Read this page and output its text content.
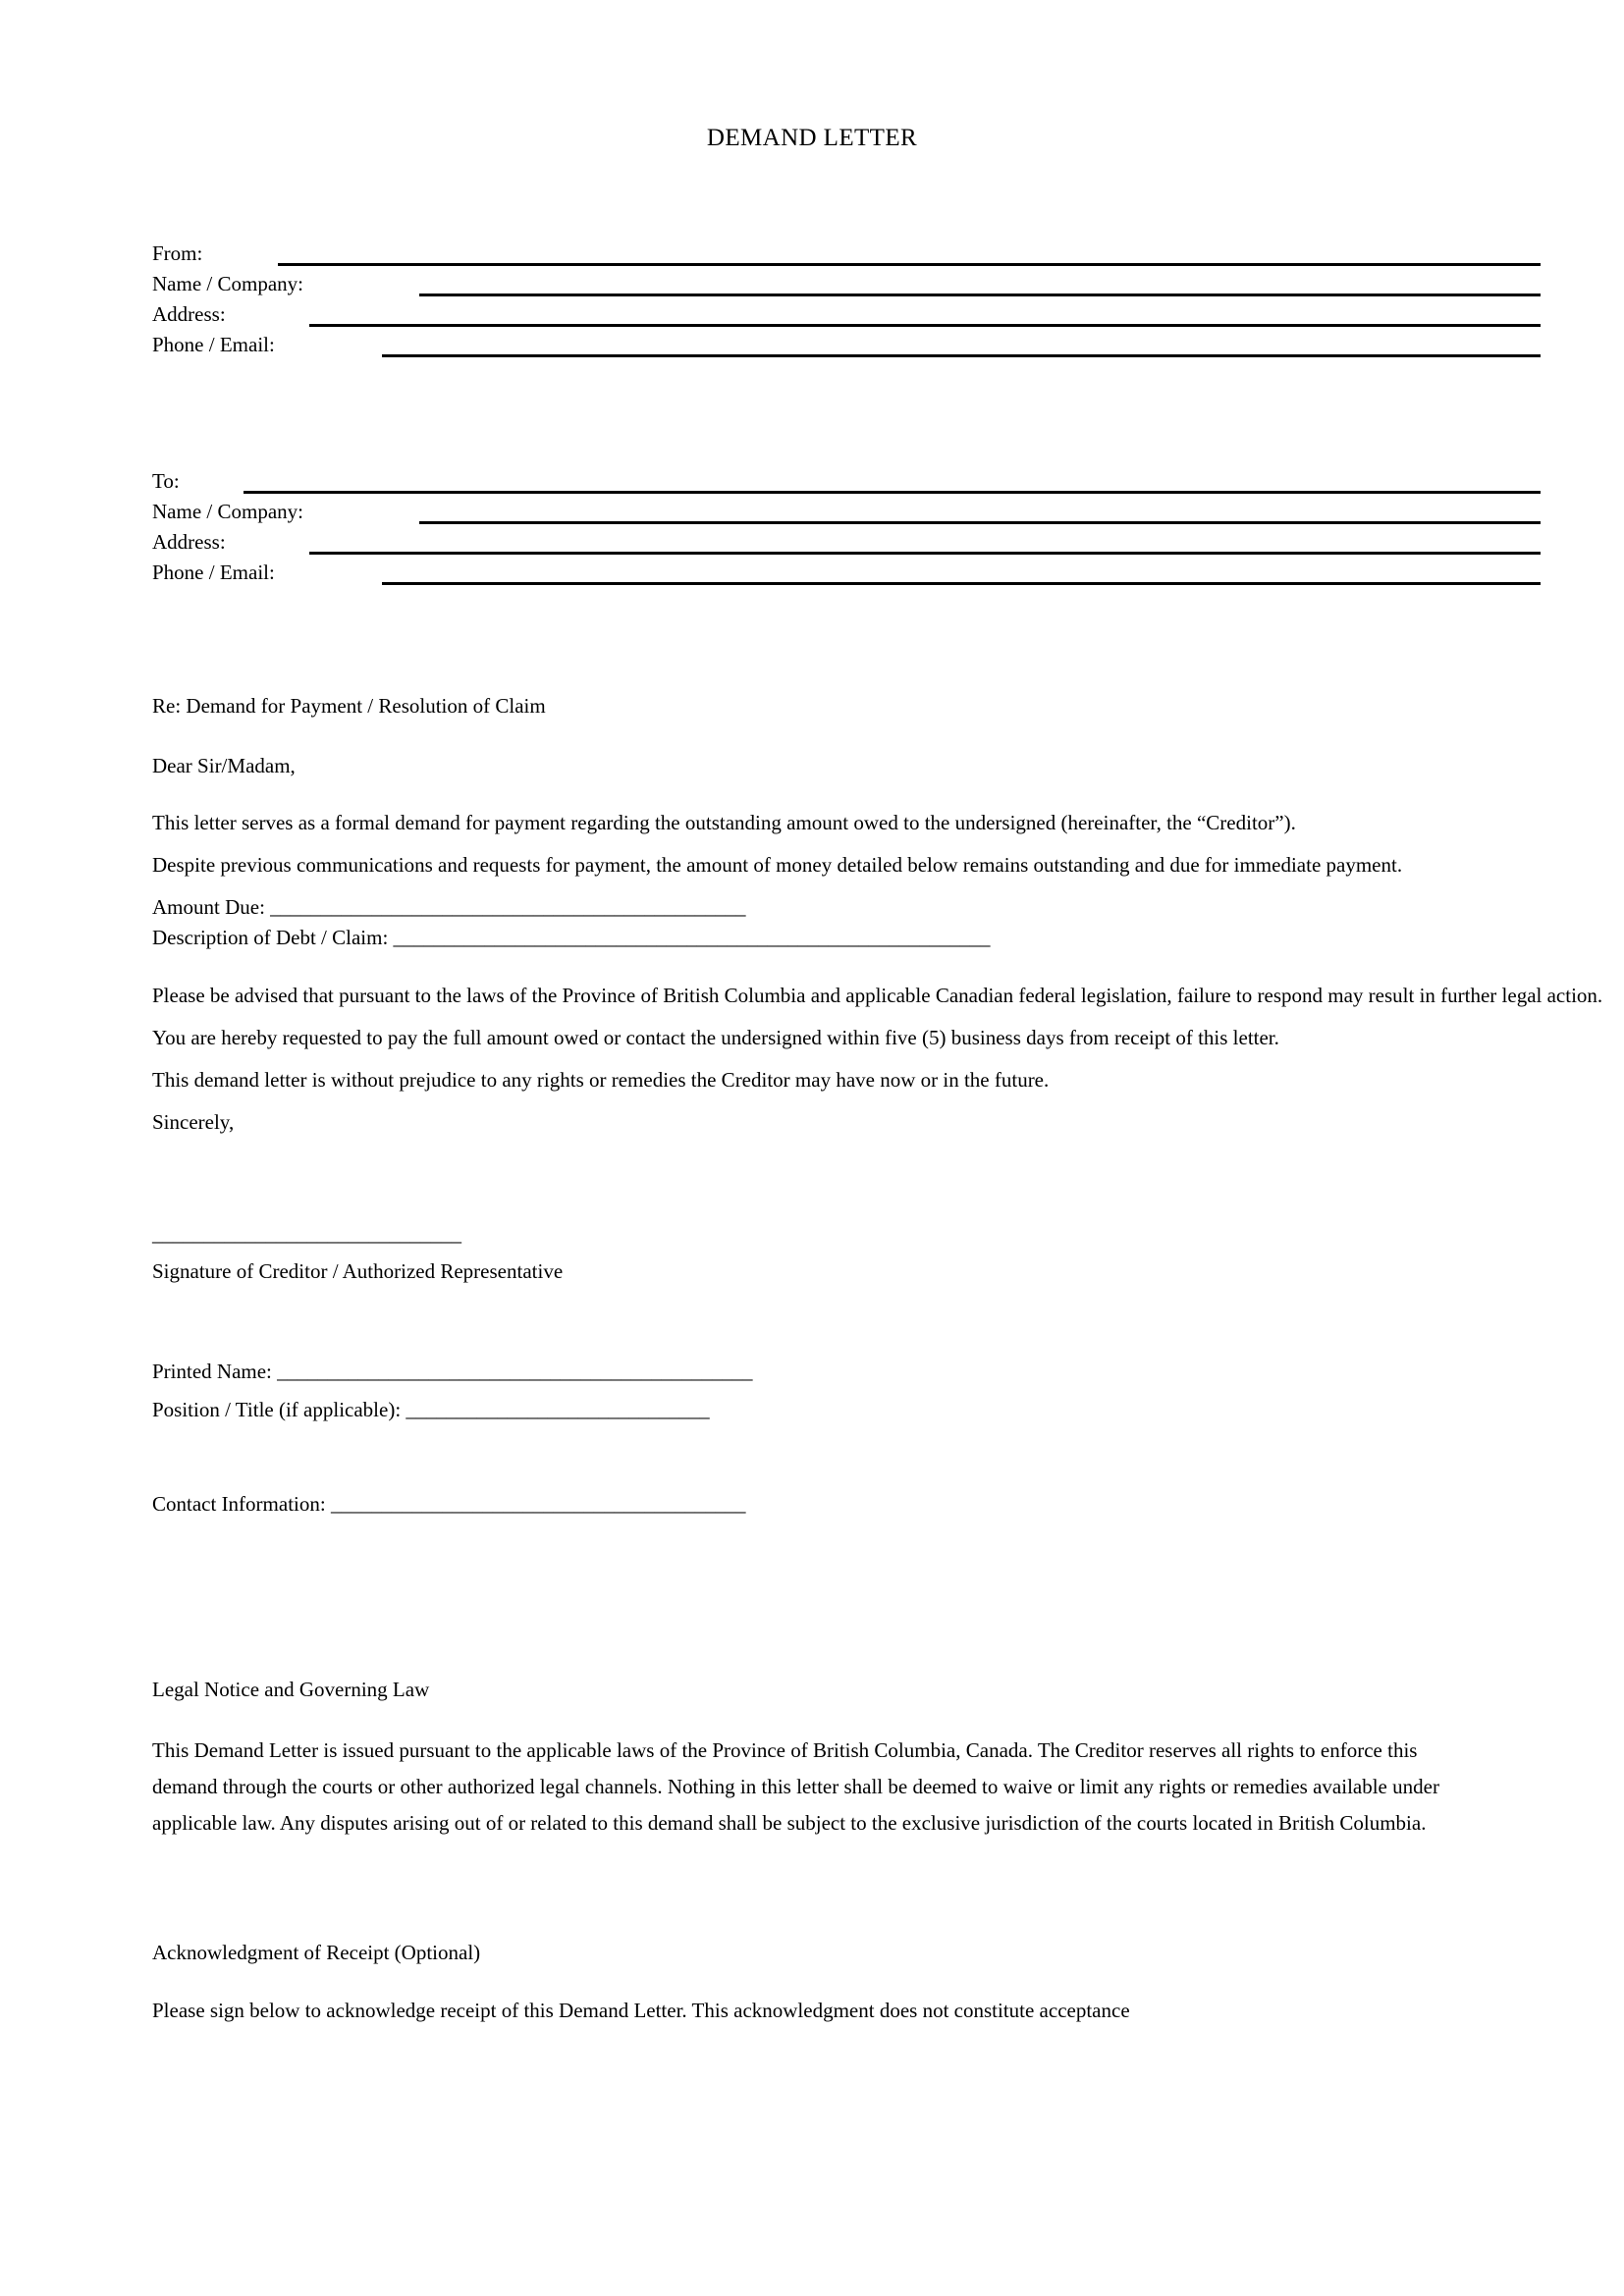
DEMAND LETTER
From:
Name / Company:
Address:
Phone / Email:
To:
Name / Company:
Address:
Phone / Email:
Re: Demand for Payment / Resolution of Claim
Dear Sir/Madam,
This letter serves as a formal demand for payment regarding the outstanding amount owed to the undersigned (hereinafter, the “Creditor”).
Despite previous communications and requests for payment, the amount of money detailed below remains outstanding and due for immediate payment.
Amount Due: _______________________________________________
Description of Debt / Claim: ___________________________________________________________
Please be advised that pursuant to the laws of the Province of British Columbia and applicable Canadian federal legislation, failure to respond may result in further legal action.
You are hereby requested to pay the full amount owed or contact the undersigned within five (5) business days from receipt of this letter.
This demand letter is without prejudice to any rights or remedies the Creditor may have now or in the future.
Sincerely,
______________________________
Signature of Creditor / Authorized Representative
Printed Name: _______________________________________________
Position / Title (if applicable): ______________________________
Contact Information: _________________________________________
Legal Notice and Governing Law
This Demand Letter is issued pursuant to the applicable laws of the Province of British Columbia, Canada. The Creditor reserves all rights to enforce this demand through the courts or other authorized legal channels. Nothing in this letter shall be deemed to waive or limit any rights or remedies available under applicable law. Any disputes arising out of or related to this demand shall be subject to the exclusive jurisdiction of the courts located in British Columbia.
Acknowledgment of Receipt (Optional)
Please sign below to acknowledge receipt of this Demand Letter. This acknowledgment does not constitute acceptance
